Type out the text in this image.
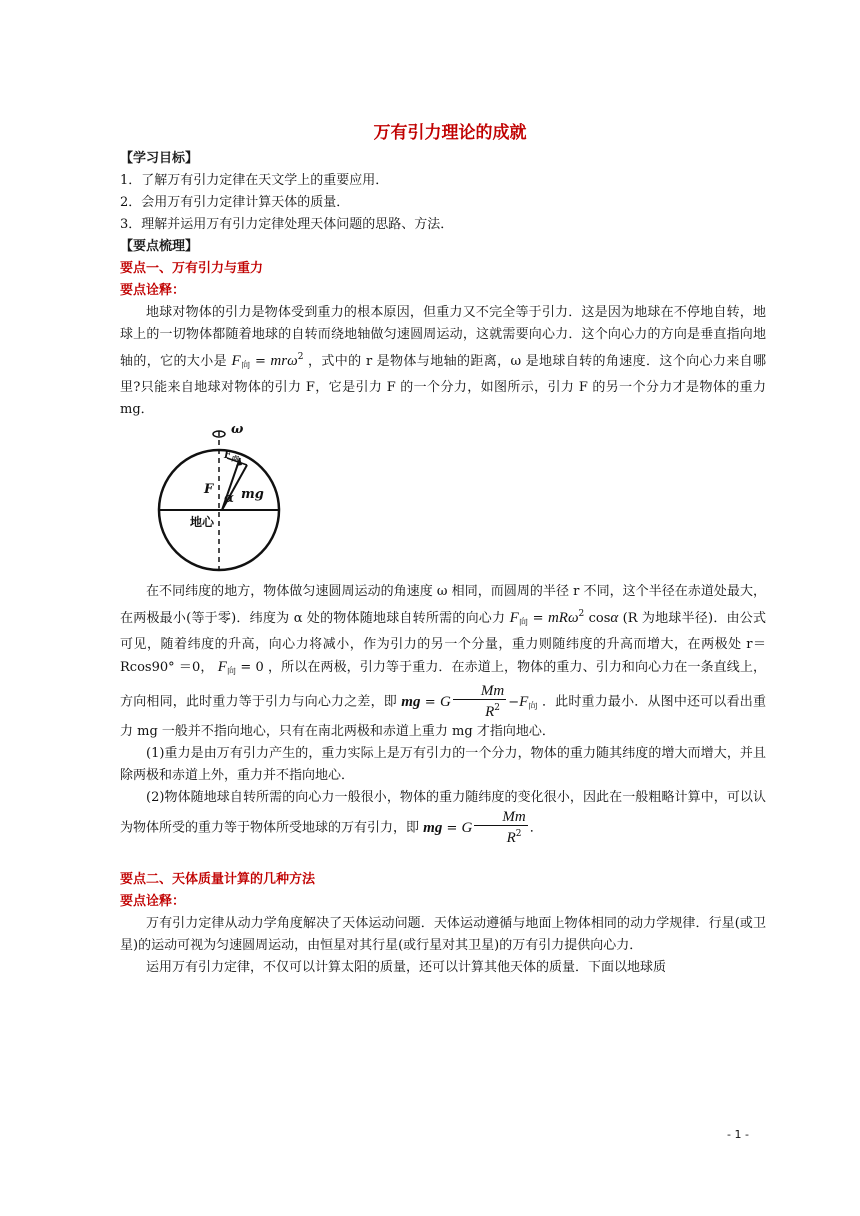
万有引力理论的成就

【学习目标】

1．了解万有引力定律在天文学上的重要应用．

2．会用万有引力定律计算天体的质量．

3．理解并运用万有引力定律处理天体问题的思路、方法．

【要点梳理】

要点一、万有引力与重力

要点诠释：

地球对物体的引力是物体受到重力的根本原因，但重力又不完全等于引力．这是因为地球在不停地自转，地球上的一切物体都随着地球的自转而绕地轴做匀速圆周运动，这就需要向心力．这个向心力的方向是垂直指向地轴的，它的大小是 $F_向 = mr\omega^2$ ，式中的 r 是物体与地轴的距离，ω 是地球自转的角速度．这个向心力来自哪里?只能来自地球对物体的引力 F，它是引力 F 的一个分力，如图所示，引力 F 的另一个分力才是物体的重力 mg．

ω
$F_向$
F
α mg
地心

在不同纬度的地方，物体做匀速圆周运动的角速度 ω 相同，而圆周的半径 r 不同，这个半径在赤道处最大，在两极最小(等于零)．纬度为 α 处的物体随地球自转所需的向心力 $F_向 = mR\omega^2$ cosα (R 为地球半径)．由公式可见，随着纬度的升高，向心力将减小，作为引力的另一个分量，重力则随纬度的升高而增大，在两极处 r＝Rcos90° ＝0， $F_向 = 0$ ，所以在两极，引力等于重力．在赤道上，物体的重力、引力和向心力在一条直线上，方向相同，此时重力等于引力与向心力之差，即 mg = G $\frac{Mm}{R^2} -F_向$ ．此时重力最小．从图中还可以看出重力 mg 一般并不指向地心，只有在南北两极和赤道上重力 mg 才指向地心．

(1)重力是由万有引力产生的，重力实际上是万有引力的一个分力，物体的重力随其纬度的增大而增大，并且除两极和赤道上外，重力并不指向地心．

(2)物体随地球自转所需的向心力一般很小，物体的重力随纬度的变化很小，因此在一般粗略计算中，可以认为物体所受的重力等于物体所受地球的万有引力，即 mg = G $\frac{Mm}{R^2}$ ．

要点二、天体质量计算的几种方法

要点诠释：

万有引力定律从动力学角度解决了天体运动问题．天体运动遵循与地面上物体相同的动力学规律．行星(或卫星)的运动可视为匀速圆周运动，由恒星对其行星(或行星对其卫星)的万有引力提供向心力．

运用万有引力定律，不仅可以计算太阳的质量，还可以计算其他天体的质量．下面以地球质

- 1 -
